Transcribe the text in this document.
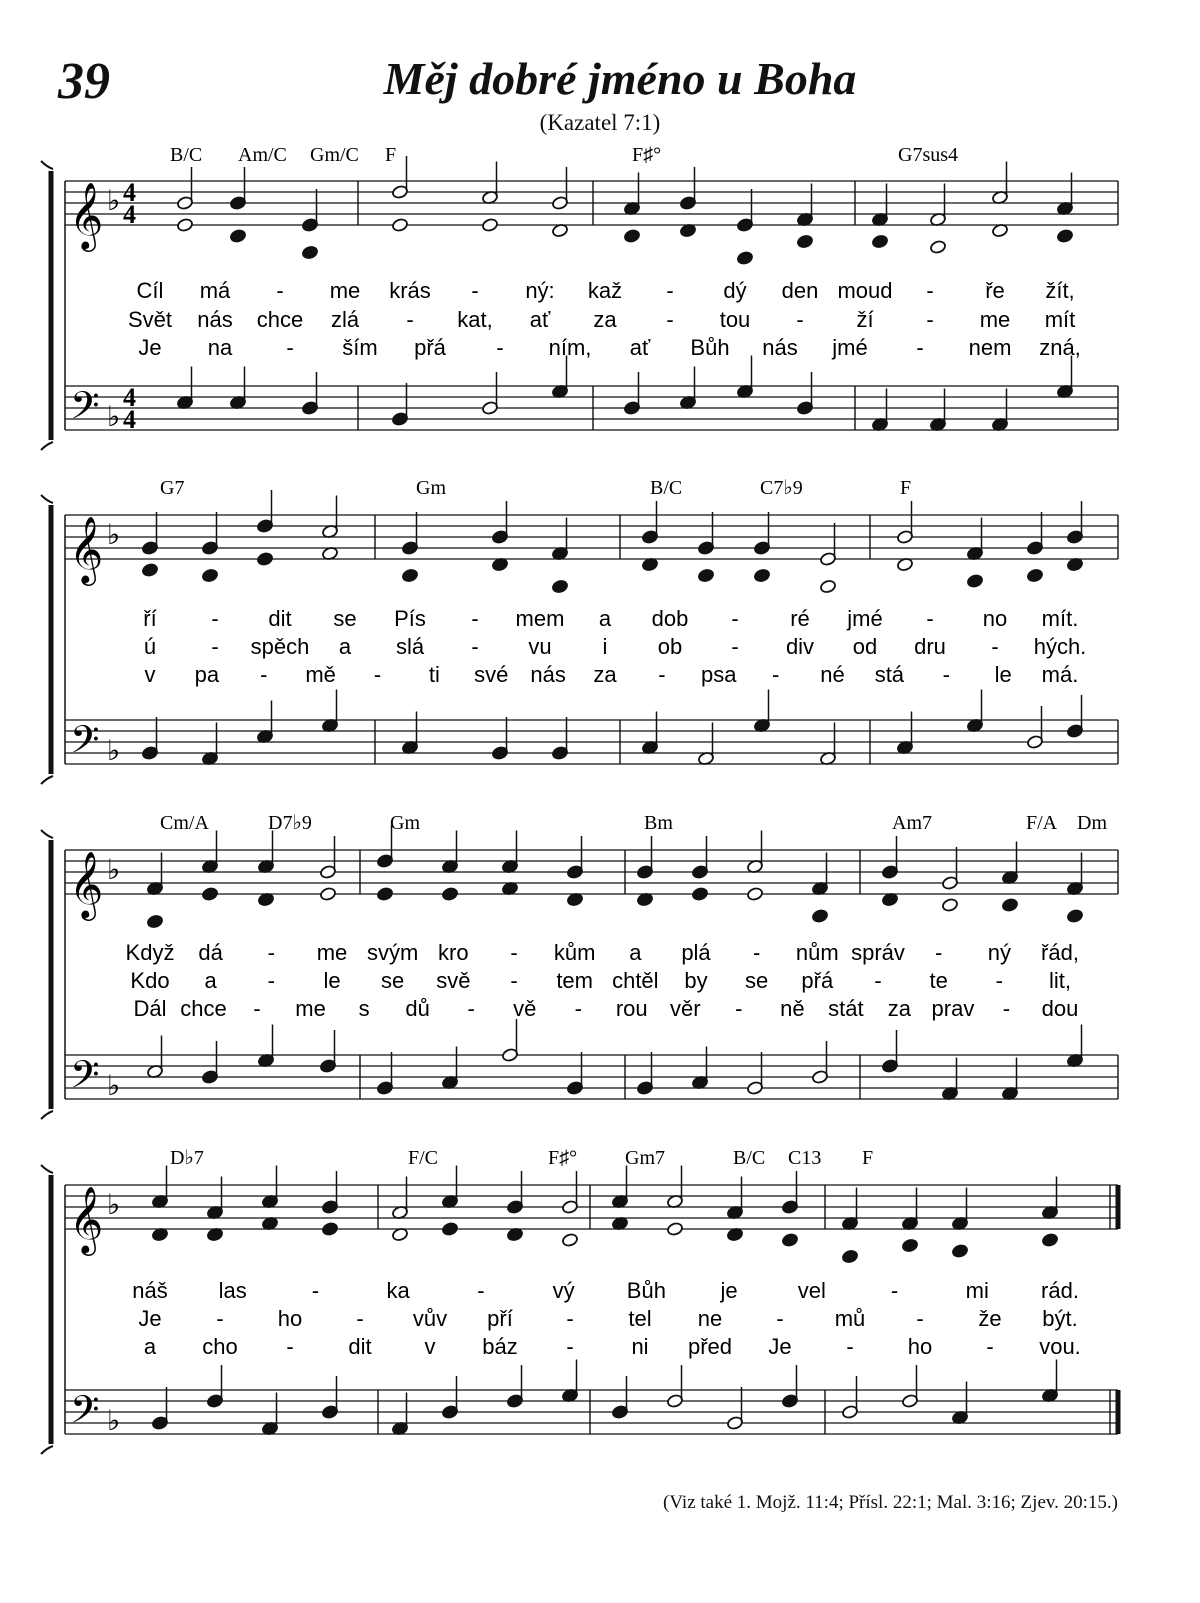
39	Měj dobré jméno u Boha
(Kazatel 7:1)
𝄞
𝄢
♭
♭
4
4
4
4
B/C Am/C Gm/C F	F♯°	G7sus4
Cíl má - me krás - ný: kaž - dý den moud - ře žít,
Svět nás chce zlá - kat, ať za - tou - ží - me mít
Je na - ším přá - ním, ať Bůh nás jmé - nem zná,
𝄞
𝄢
♭
♭
G7	Gm	B/C	C7♭9	F
ří - dit se Pís - mem a dob - ré jmé - no mít.
ú	- spěch a slá - vu i ob - div od dru - hých.
v pa - mě - ti své nás za - psa - né stá - le má.
𝄞
𝄢
♭
♭
Cm/A	D7♭9	Gm	Bm	Am7	F/A Dm
Když dá - me svým kro - kům a plá - nům správ - ný řád,
Kdo a - le se svě - tem chtěl by se přá - te - lit,
Dál chce - me s dů - vě - rou věr - ně stát za prav - dou
𝄞
𝄢
♭
♭
D♭7	F/C	F♯° Gm7	B/C C13 F
náš las	-	ka	-	vý Bůh je	vel	-	mi rád.
Je - ho - vův pří - tel ne - mů - že být.
a cho - dit v báz -	ni před Je - ho - vou.
(Viz také 1. Mojž. 11:4; Přísl. 22:1; Mal. 3:16; Zjev. 20:15.)
